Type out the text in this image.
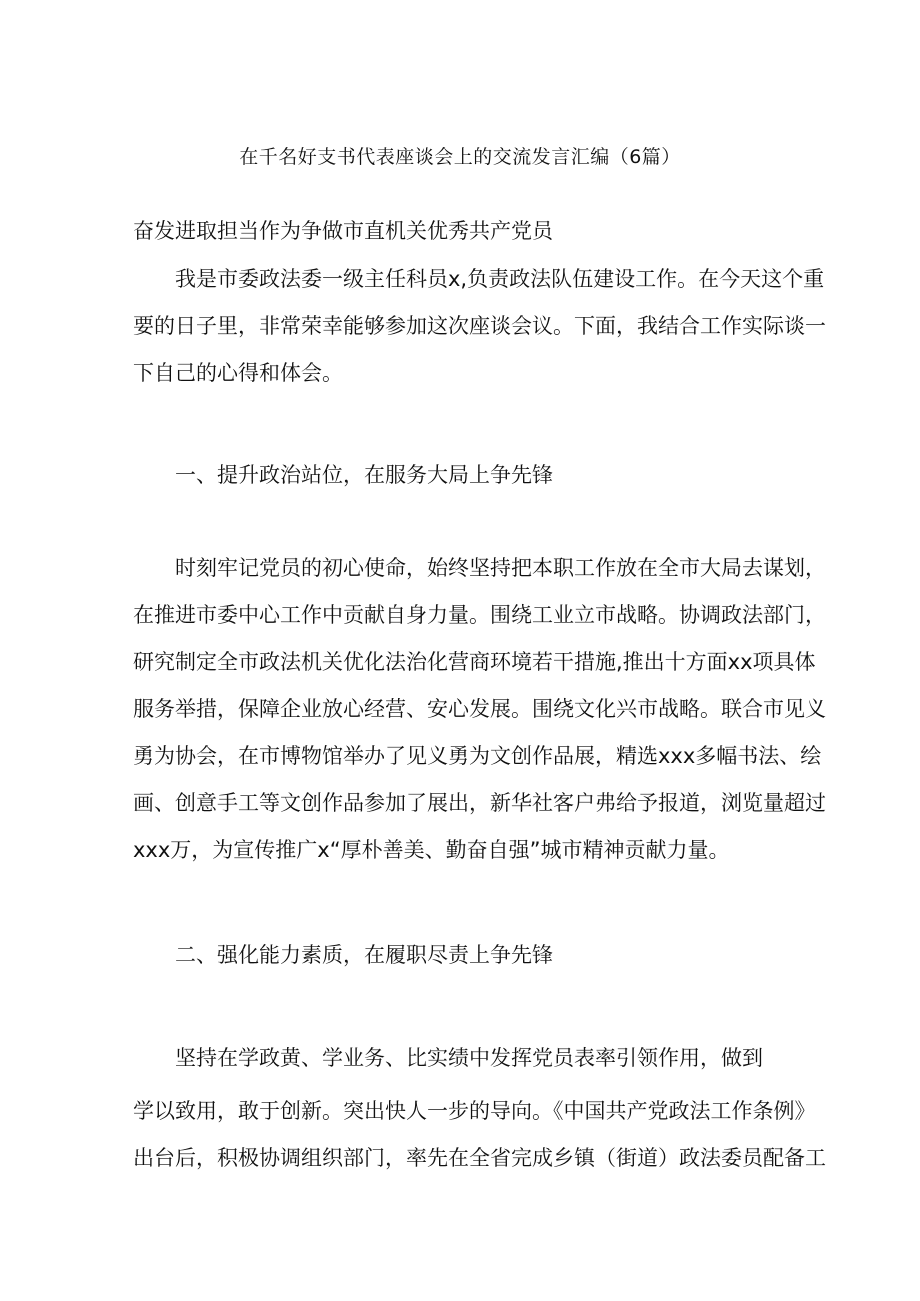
在千名好支书代表座谈会上的交流发言汇编（6篇）
奋发进取担当作为争做市直机关优秀共产党员
我是市委政法委一级主任科员x,负责政法队伍建设工作。在今天这个重
要的日子里，非常荣幸能够参加这次座谈会议。下面，我结合工作实际谈一
下自己的心得和体会。
一、提升政治站位，在服务大局上争先锋
时刻牢记党员的初心使命，始终坚持把本职工作放在全市大局去谋划，
在推进市委中心工作中贡献自身力量。围绕工业立市战略。协调政法部门，
研究制定全市政法机关优化法治化营商环境若干措施,推出十方面xx项具体
服务举措，保障企业放心经营、安心发展。围绕文化兴市战略。联合市见义
勇为协会，在市博物馆举办了见义勇为文创作品展，精选xxx多幅书法、绘
画、创意手工等文创作品参加了展出，新华社客户弗给予报道，浏览量超过
xxx万，为宣传推广x“厚朴善美、勤奋自强”城市精神贡献力量。
二、强化能力素质，在履职尽责上争先锋
坚持在学政黄、学业务、比实绩中发挥党员表率引领作用，做到
学以致用，敢于创新。突出快人一步的导向。《中国共产党政法工作条例》
出台后，积极协调组织部门，率先在全省完成乡镇（街道）政法委员配备工
